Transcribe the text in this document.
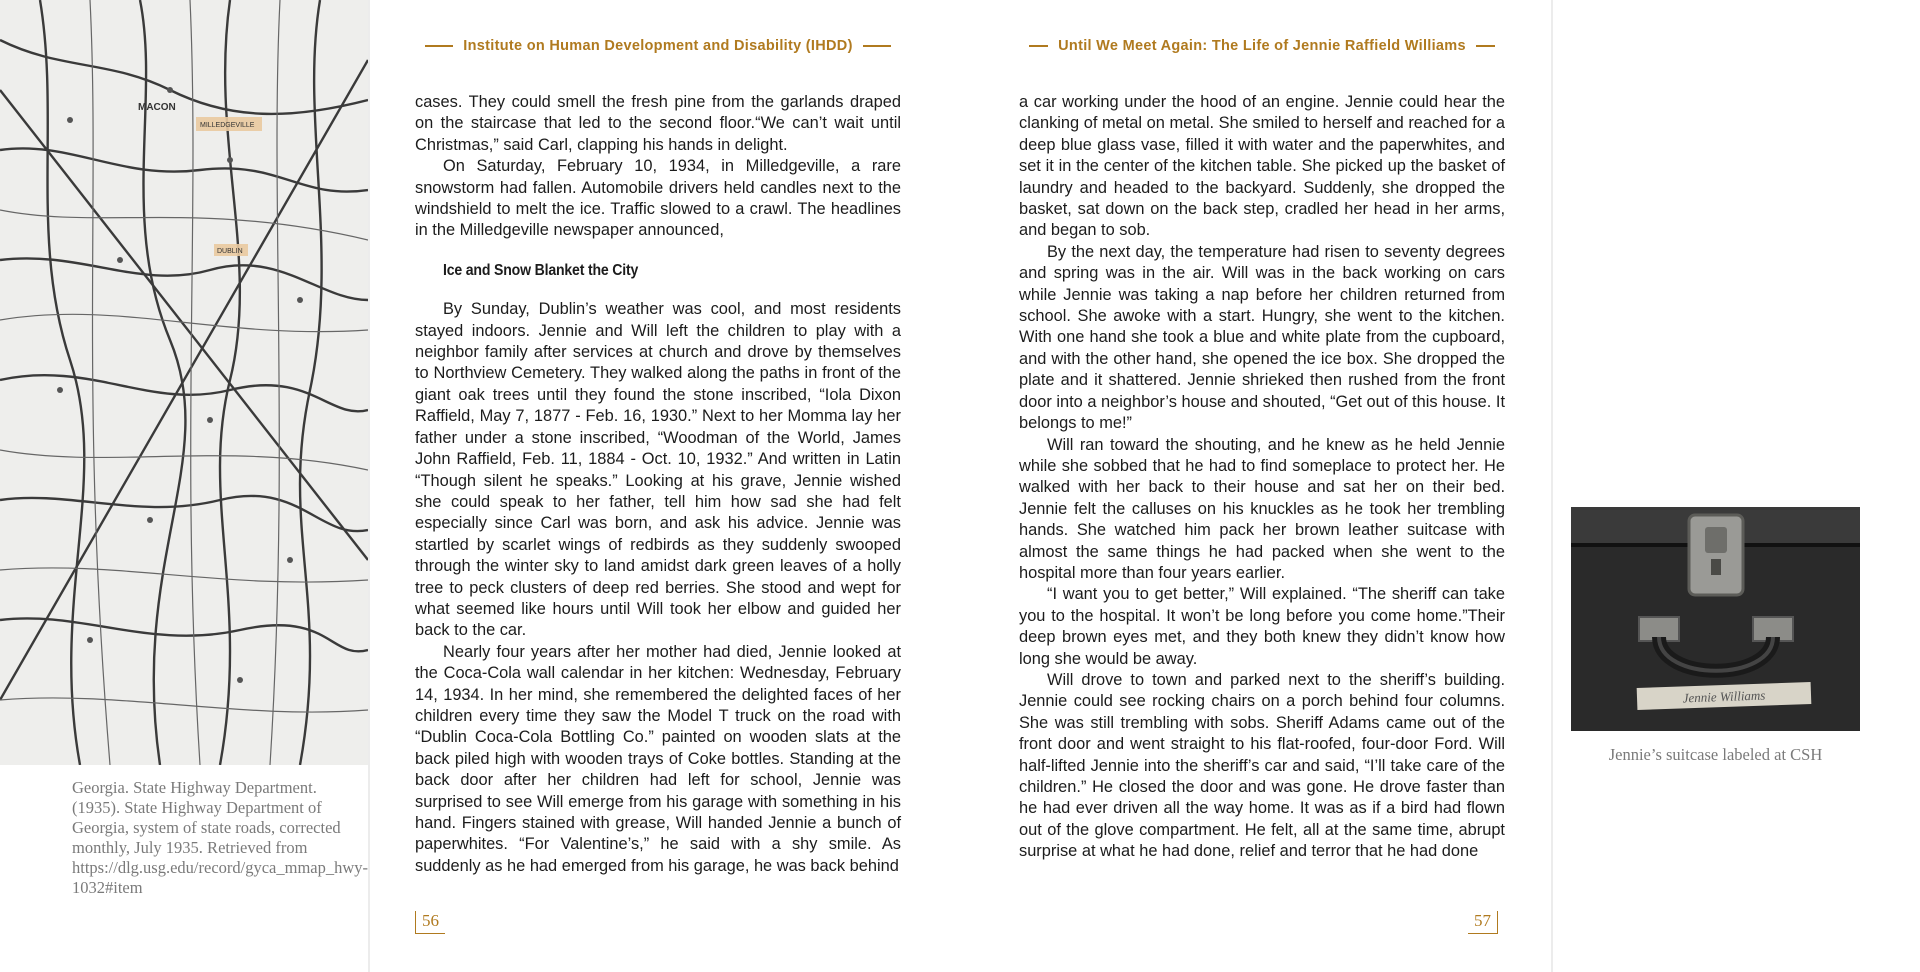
MILLEDGEVILLE
DUBLIN
MACON

Georgia. State Highway Department. (1935). State Highway Department of Georgia, system of state roads, corrected monthly, July 1935. Retrieved from https://dlg.usg.edu/record/gyca_mmap_hwy-1032#item

Institute on Human Development and Disability (IHDD)

cases. They could smell the fresh pine from the garlands draped on the staircase that led to the second floor.“We can’t wait until Christmas,” said Carl, clapping his hands in delight.

On Saturday, February 10, 1934, in Milledgeville, a rare snowstorm had fallen. Automobile drivers held candles next to the windshield to melt the ice. Traffic slowed to a crawl. The headlines in the Milledgeville newspaper announced,

Ice and Snow Blanket the City

By Sunday, Dublin’s weather was cool, and most residents stayed indoors. Jennie and Will left the children to play with a neighbor family after services at church and drove by themselves to Northview Cemetery. They walked along the paths in front of the giant oak trees until they found the stone inscribed, “Iola Dixon Raffield, May 7, 1877 - Feb. 16, 1930.” Next to her Momma lay her father under a stone inscribed, “Woodman of the World, James John Raffield, Feb. 11, 1884 - Oct. 10, 1932.” And written in Latin “Though silent he speaks.” Looking at his grave, Jennie wished she could speak to her father, tell him how sad she had felt especially since Carl was born, and ask his advice. Jennie was startled by scarlet wings of redbirds as they suddenly swooped through the winter sky to land amidst dark green leaves of a holly tree to peck clusters of deep red berries. She stood and wept for what seemed like hours until Will took her elbow and guided her back to the car.

Nearly four years after her mother had died, Jennie looked at the Coca-Cola wall calendar in her kitchen: Wednesday, February 14, 1934. In her mind, she remembered the delighted faces of her children every time they saw the Model T truck on the road with “Dublin Coca-Cola Bottling Co.” painted on wooden slats at the back piled high with wooden trays of Coke bottles. Standing at the back door after her children had left for school, Jennie was surprised to see Will emerge from his garage with something in his hand. Fingers stained with grease, Will handed Jennie a bunch of paperwhites. “For Valentine’s,” he said with a shy smile. As suddenly as he had emerged from his garage, he was back behind

56
Until We Meet Again: The Life of Jennie Raffield Williams

a car working under the hood of an engine. Jennie could hear the clanking of metal on metal. She smiled to herself and reached for a deep blue glass vase, filled it with water and the paperwhites, and set it in the center of the kitchen table. She picked up the basket of laundry and headed to the backyard. Suddenly, she dropped the basket, sat down on the back step, cradled her head in her arms, and began to sob.

By the next day, the temperature had risen to seventy degrees and spring was in the air. Will was in the back working on cars while Jennie was taking a nap before her children returned from school. She awoke with a start. Hungry, she went to the kitchen. With one hand she took a blue and white plate from the cupboard, and with the other hand, she opened the ice box. She dropped the plate and it shattered. Jennie shrieked then rushed from the front door into a neighbor’s house and shouted, “Get out of this house. It belongs to me!”

Will ran toward the shouting, and he knew as he held Jennie while she sobbed that he had to find someplace to protect her. He walked with her back to their house and sat her on their bed. Jennie felt the calluses on his knuckles as he took her trembling hands. She watched him pack her brown leather suitcase with almost the same things he had packed when she went to the hospital more than four years earlier.

“I want you to get better,” Will explained. “The sheriff can take you to the hospital. It won’t be long before you come home.”Their deep brown eyes met, and they both knew they didn’t know how long she would be away.

Will drove to town and parked next to the sheriff’s building. Jennie could see rocking chairs on a porch behind four columns. She was still trembling with sobs. Sheriff Adams came out of the front door and went straight to his flat-roofed, four-door Ford. Will half-lifted Jennie into the sheriff’s car and said, “I’ll take care of the children.” He closed the door and was gone. He drove faster than he had ever driven all the way home. It was as if a bird had flown out of the glove compartment. He felt, all at the same time, abrupt surprise at what he had done, relief and terror that he had done

57
Jennie Williams

Jennie’s suitcase labeled at CSH
